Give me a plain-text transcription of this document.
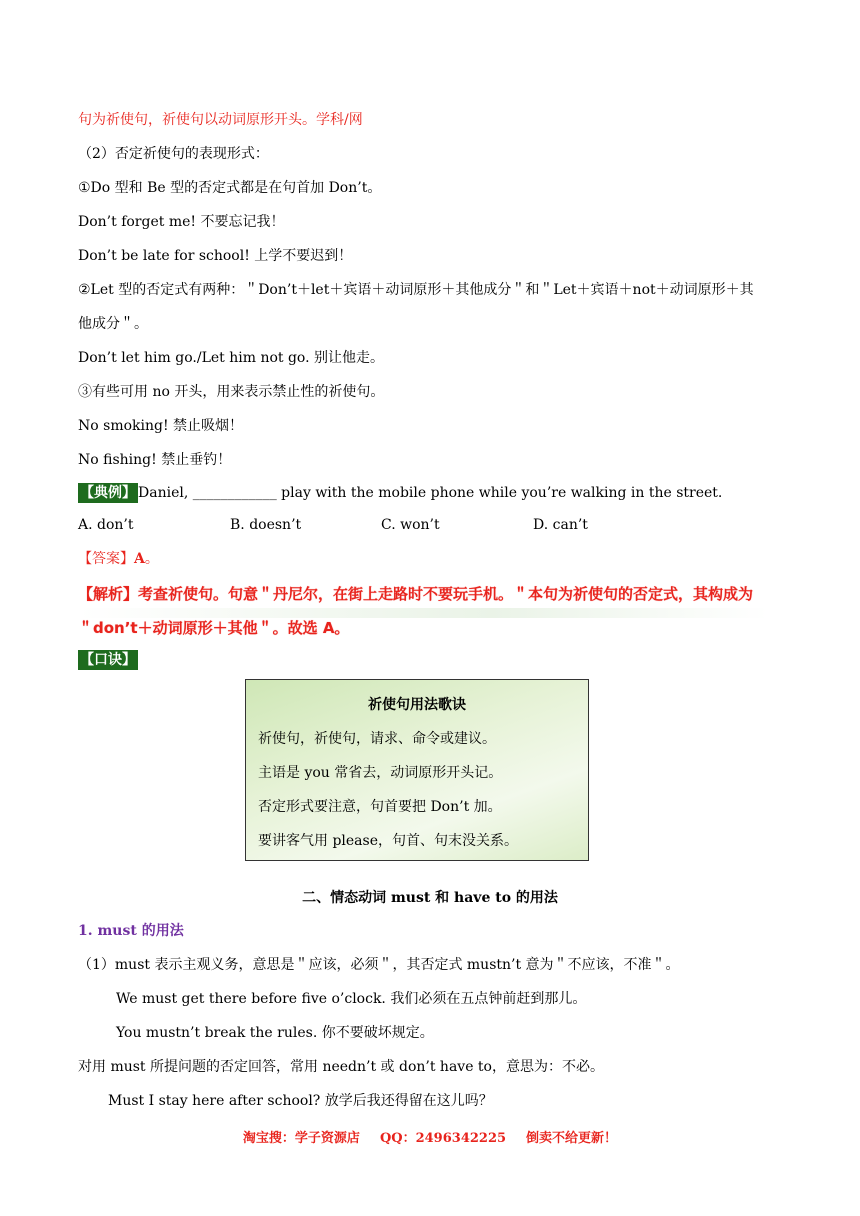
句为祈使句，祈使句以动词原形开头。学科/网
（2）否定祈使句的表现形式：
①Do 型和 Be 型的否定式都是在句首加 Don’t。
Don’t forget me! 不要忘记我！
Don’t be late for school! 上学不要迟到！
②Let 型的否定式有两种：＂Don’t＋let＋宾语＋动词原形＋其他成分＂和＂Let＋宾语＋not＋动词原形＋其
他成分＂。
Don’t let him go./Let him not go. 别让他走。
③有些可用 no 开头，用来表示禁止性的祈使句。
No smoking! 禁止吸烟！
No fishing! 禁止垂钓！
【典例】 Daniel, ____________ play with the mobile phone while you’re walking in the street.
A. don’t	B. doesn’t	C. won’t	D. can’t
【答案】A。
【解析】考查祈使句。句意＂丹尼尔，在街上走路时不要玩手机。＂本句为祈使句的否定式，其构成为
＂don’t＋动词原形＋其他＂。故选 A。
【口诀】
祈使句用法歌诀
祈使句，祈使句，请求、命令或建议。
主语是 you 常省去，动词原形开头记。
否定形式要注意，句首要把 Don’t 加。
要讲客气用 please，句首、句末没关系。
二、情态动词 must 和 have to 的用法
1. must 的用法
（1）must 表示主观义务，意思是＂应该，必须＂，其否定式 mustn’t 意为＂不应该，不准＂。
We must get there before five o’clock. 我们必须在五点钟前赶到那儿。
You mustn’t break the rules. 你不要破坏规定。
对用 must 所提问题的否定回答，常用 needn’t 或 don’t have to，意思为：不必。
Must I stay here after school? 放学后我还得留在这儿吗？
淘宝搜：学子资源店 QQ：2496342225 倒卖不给更新！
